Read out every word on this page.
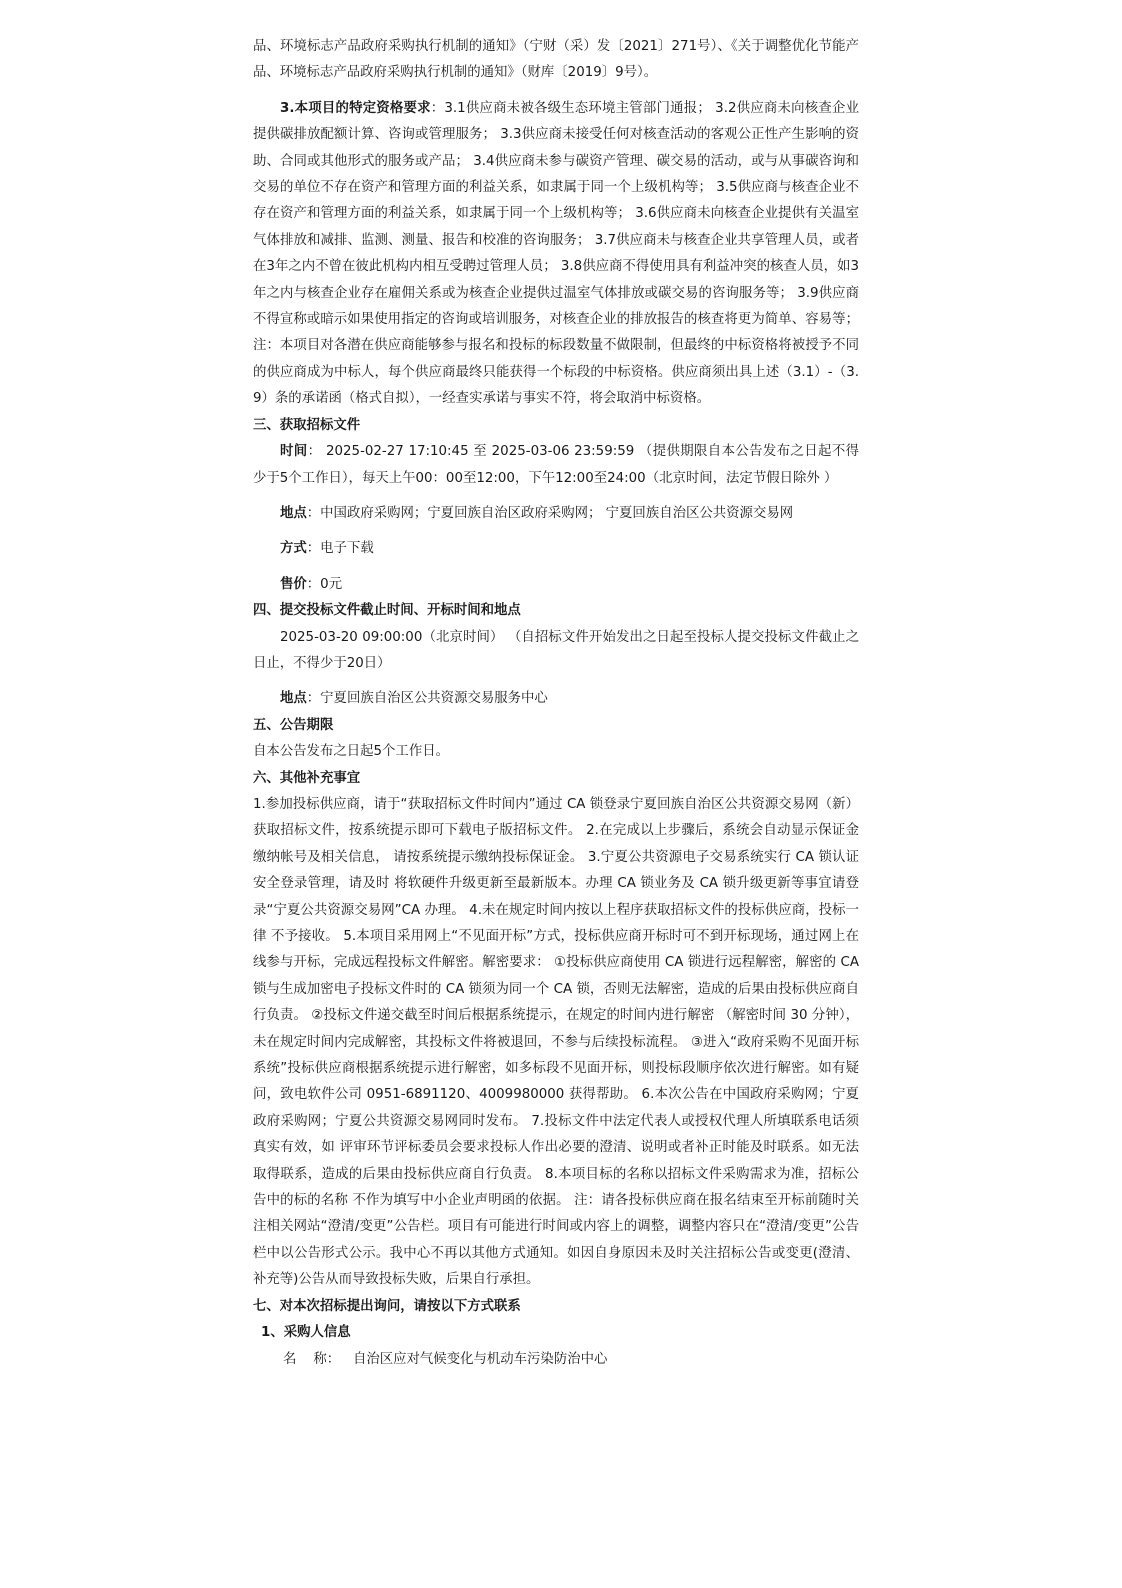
品、环境标志产品政府采购执行机制的通知》（宁财（采）发〔2021〕271号）、《关于调整优化节能产品、环境标志产品政府采购执行机制的通知》（财库〔2019〕9号）。

3.本项目的特定资格要求：3.1供应商未被各级生态环境主管部门通报； 3.2供应商未向核查企业提供碳排放配额计算、咨询或管理服务； 3.3供应商未接受任何对核查活动的客观公正性产生影响的资助、合同或其他形式的服务或产品； 3.4供应商未参与碳资产管理、碳交易的活动，或与从事碳咨询和交易的单位不存在资产和管理方面的利益关系，如隶属于同一个上级机构等； 3.5供应商与核查企业不存在资产和管理方面的利益关系，如隶属于同一个上级机构等； 3.6供应商未向核查企业提供有关温室气体排放和减排、监测、测量、报告和校准的咨询服务； 3.7供应商未与核查企业共享管理人员，或者在3年之内不曾在彼此机构内相互受聘过管理人员； 3.8供应商不得使用具有利益冲突的核查人员，如3年之内与核查企业存在雇佣关系或为核查企业提供过温室气体排放或碳交易的咨询服务等； 3.9供应商不得宣称或暗示如果使用指定的咨询或培训服务，对核查企业的排放报告的核查将更为简单、容易等； 注：本项目对各潜在供应商能够参与报名和投标的标段数量不做限制，但最终的中标资格将被授予不同的供应商成为中标人，每个供应商最终只能获得一个标段的中标资格。供应商须出具上述（3.1）-（3.9）条的承诺函（格式自拟），一经查实承诺与事实不符，将会取消中标资格。

三、获取招标文件

时间： 2025-02-27 17:10:45 至 2025-03-06 23:59:59 （提供期限自本公告发布之日起不得少于5个工作日），每天上午00：00至12:00，下午12:00至24:00（北京时间，法定节假日除外 ）

地点：中国政府采购网；宁夏回族自治区政府采购网； 宁夏回族自治区公共资源交易网

方式：电子下载

售价：0元

四、提交投标文件截止时间、开标时间和地点

2025-03-20 09:00:00（北京时间） （自招标文件开始发出之日起至投标人提交投标文件截止之日止，不得少于20日）

地点：宁夏回族自治区公共资源交易服务中心

五、公告期限

自本公告发布之日起5个工作日。

六、其他补充事宜

1.参加投标供应商，请于“获取招标文件时间内”通过 CA 锁登录宁夏回族自治区公共资源交易网（新）获取招标文件，按系统提示即可下载电子版招标文件。 2.在完成以上步骤后，系统会自动显示保证金缴纳帐号及相关信息， 请按系统提示缴纳投标保证金。 3.宁夏公共资源电子交易系统实行 CA 锁认证安全登录管理，请及时 将软硬件升级更新至最新版本。办理 CA 锁业务及 CA 锁升级更新等事宜请登录“宁夏公共资源交易网”CA 办理。 4.未在规定时间内按以上程序获取招标文件的投标供应商，投标一律 不予接收。 5.本项目采用网上“不见面开标”方式，投标供应商开标时可不到开标现场，通过网上在线参与开标，完成远程投标文件解密。解密要求： ①投标供应商使用 CA 锁进行远程解密，解密的 CA 锁与生成加密电子投标文件时的 CA 锁须为同一个 CA 锁，否则无法解密，造成的后果由投标供应商自行负责。 ②投标文件递交截至时间后根据系统提示，在规定的时间内进行解密 （解密时间 30 分钟），未在规定时间内完成解密，其投标文件将被退回，不参与后续投标流程。 ③进入“政府采购不见面开标系统”投标供应商根据系统提示进行解密，如多标段不见面开标，则投标段顺序依次进行解密。如有疑问，致电软件公司 0951-6891120、4009980000 获得帮助。 6.本次公告在中国政府采购网；宁夏政府采购网；宁夏公共资源交易网同时发布。 7.投标文件中法定代表人或授权代理人所填联系电话须真实有效，如 评审环节评标委员会要求投标人作出必要的澄清、说明或者补正时能及时联系。如无法取得联系，造成的后果由投标供应商自行负责。 8.本项目标的名称以招标文件采购需求为准，招标公告中的标的名称 不作为填写中小企业声明函的依据。 注：请各投标供应商在报名结束至开标前随时关注相关网站“澄清/变更”公告栏。项目有可能进行时间或内容上的调整，调整内容只在“澄清/变更”公告栏中以公告形式公示。我中心不再以其他方式通知。如因自身原因未及时关注招标公告或变更(澄清、补充等)公告从而导致投标失败，后果自行承担。

七、对本次招标提出询问，请按以下方式联系

1、采购人信息

名    称：   自治区应对气候变化与机动车污染防治中心
